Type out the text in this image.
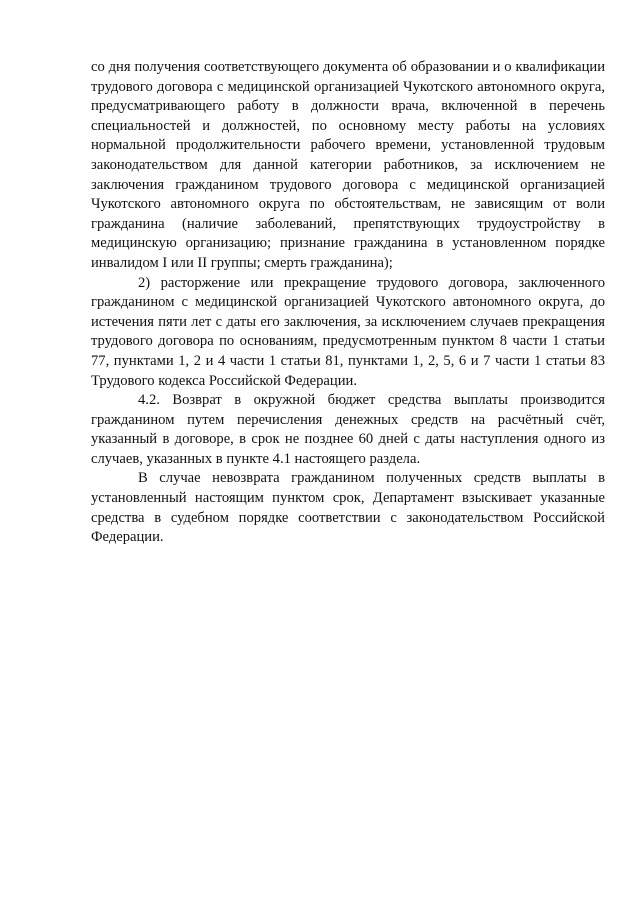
со дня получения соответствующего документа об образовании и о квалификации трудового договора с медицинской организацией Чукотского автономного округа, предусматривающего работу в должности врача, включенной в перечень специальностей и должностей, по основному месту работы на условиях нормальной продолжительности рабочего времени, установленной трудовым законодательством для данной категории работников, за исключением не заключения гражданином трудового договора с медицинской организацией Чукотского автономного округа по обстоятельствам, не зависящим от воли гражданина (наличие заболеваний, препятствующих трудоустройству в медицинскую организацию; признание гражданина в установленном порядке инвалидом I или II группы; смерть гражданина);

2) расторжение или прекращение трудового договора, заключенного гражданином с медицинской организацией Чукотского автономного округа, до истечения пяти лет с даты его заключения, за исключением случаев прекращения трудового договора по основаниям, предусмотренным пунктом 8 части 1 статьи 77, пунктами 1, 2 и 4 части 1 статьи 81, пунктами 1, 2, 5, 6 и 7 части 1 статьи 83 Трудового кодекса Российской Федерации.

4.2. Возврат в окружной бюджет средства выплаты производится гражданином путем перечисления денежных средств на расчётный счёт, указанный в договоре, в срок не позднее 60 дней с даты наступления одного из случаев, указанных в пункте 4.1 настоящего раздела.

В случае невозврата гражданином полученных средств выплаты в установленный настоящим пунктом срок, Департамент взыскивает указанные средства в судебном порядке соответствии с законодательством Российской Федерации.
